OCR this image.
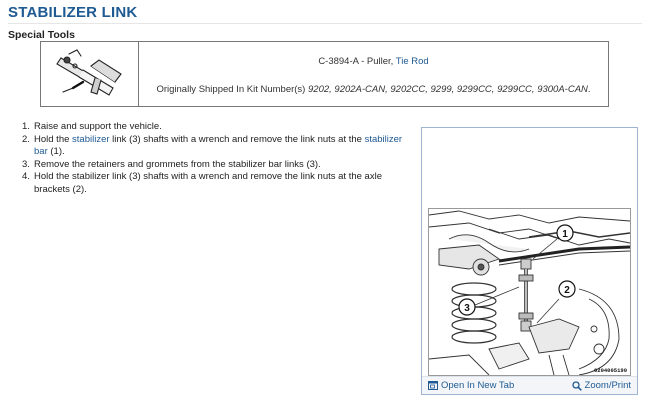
STABILIZER LINK
Special Tools
C-3894-A - Puller, Tie Rod
Originally Shipped In Kit Number(s) 9202, 9202A-CAN, 9202CC, 9299, 9299CC, 9299CC, 9300A-CAN.
1. Raise and support the vehicle.
2. Hold the stabilizer link (3) shafts with a wrench and remove the link nuts at the stabilizer bar (1).
3. Remove the retainers and grommets from the stabilizer bar links (3).
4. Hold the stabilizer link (3) shafts with a wrench and remove the link nuts at the axle brackets (2).
1
2
3
0204005190
Open In New Tab	Zoom/Print
